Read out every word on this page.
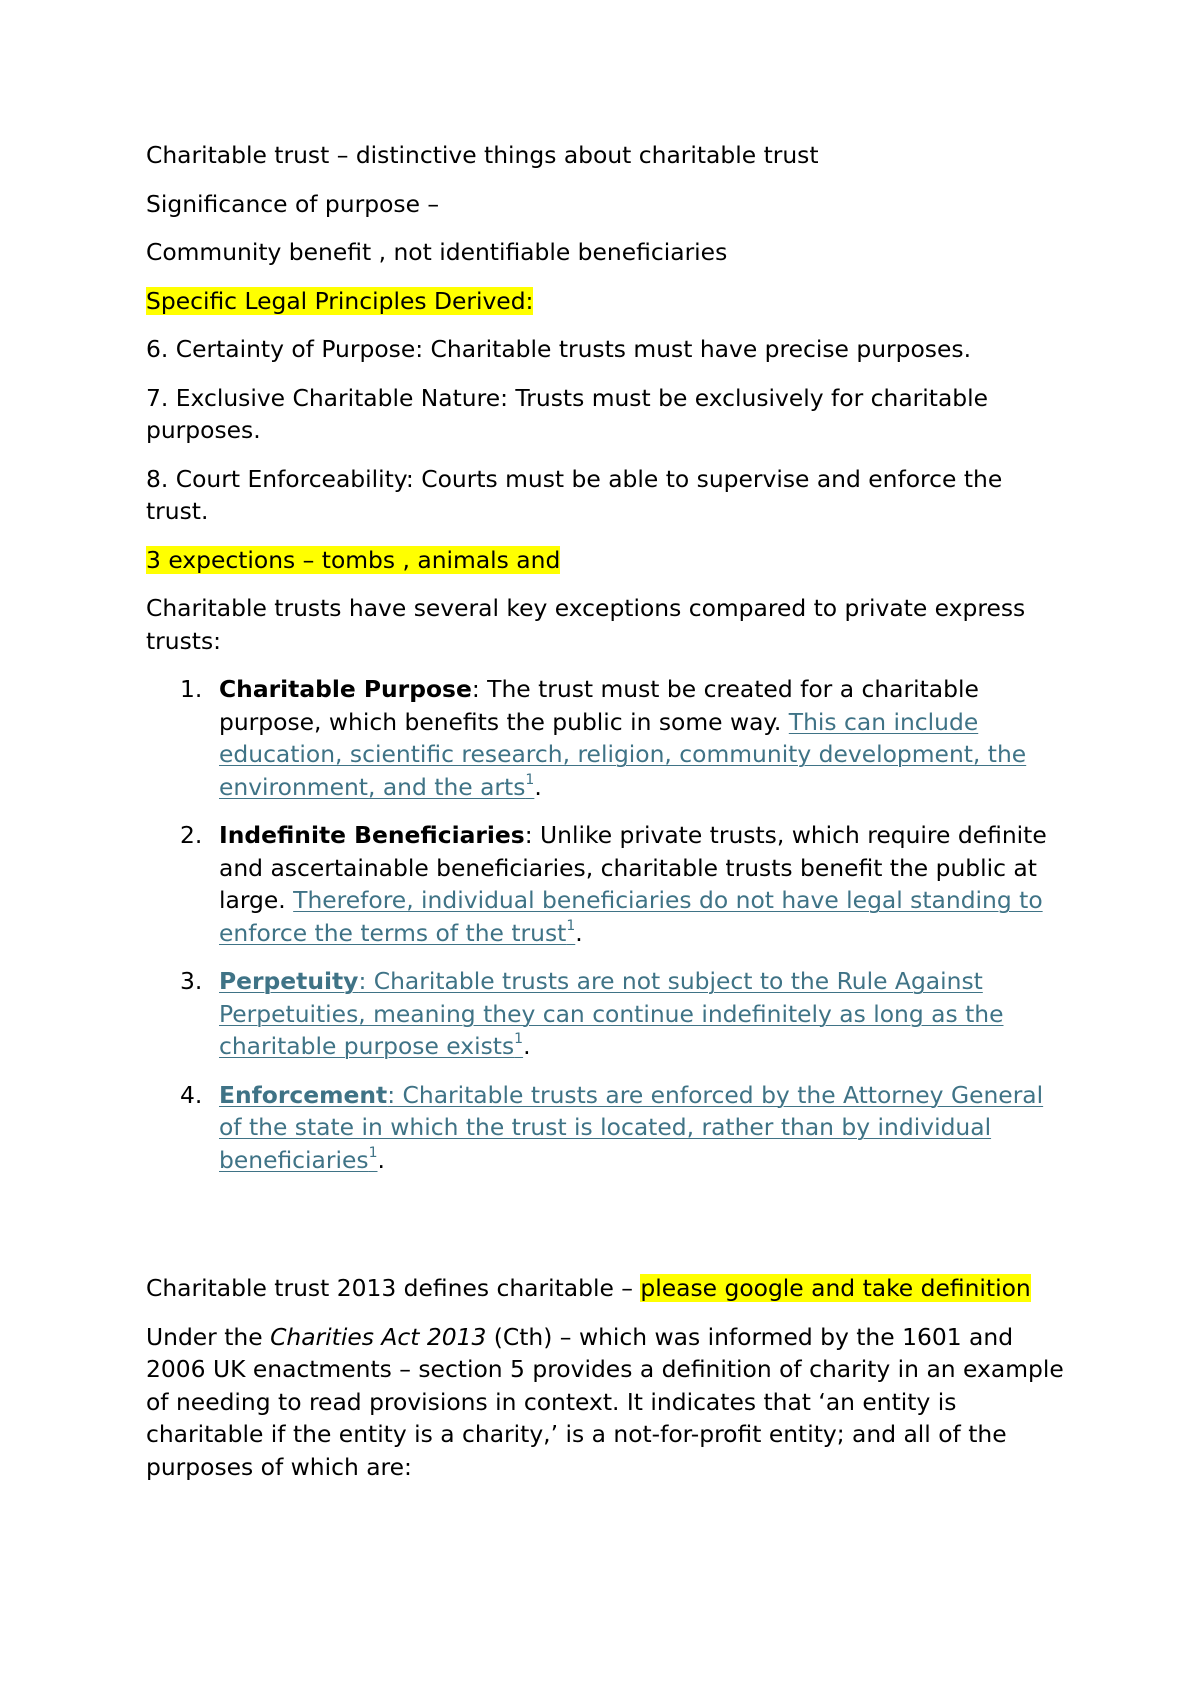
Charitable trust – distinctive things about charitable trust

Significance of purpose –

Community benefit , not identifiable beneficiaries

Specific Legal Principles Derived:

6. Certainty of Purpose: Charitable trusts must have precise purposes.

7. Exclusive Charitable Nature: Trusts must be exclusively for charitable purposes.

8. Court Enforceability: Courts must be able to supervise and enforce the trust.

3 expections – tombs , animals and

Charitable trusts have several key exceptions compared to private express trusts:

1. Charitable Purpose: The trust must be created for a charitable purpose, which benefits the public in some way. This can include education, scientific research, religion, community development, the environment, and the arts$^1$.
2. Indefinite Beneficiaries: Unlike private trusts, which require definite and ascertainable beneficiaries, charitable trusts benefit the public at large. Therefore, individual beneficiaries do not have legal standing to enforce the terms of the trust$^1$.
3. Perpetuity: Charitable trusts are not subject to the Rule Against Perpetuities, meaning they can continue indefinitely as long as the charitable purpose exists$^1$.
4. Enforcement: Charitable trusts are enforced by the Attorney General of the state in which the trust is located, rather than by individual beneficiaries$^1$.

Charitable trust 2013 defines charitable – please google and take definition

Under the Charities Act 2013 (Cth) – which was informed by the 1601 and 2006 UK enactments – section 5 provides a definition of charity in an example of needing to read provisions in context. It indicates that ‘an entity is charitable if the entity is a charity,’ is a not-for-profit entity; and all of the purposes of which are:
